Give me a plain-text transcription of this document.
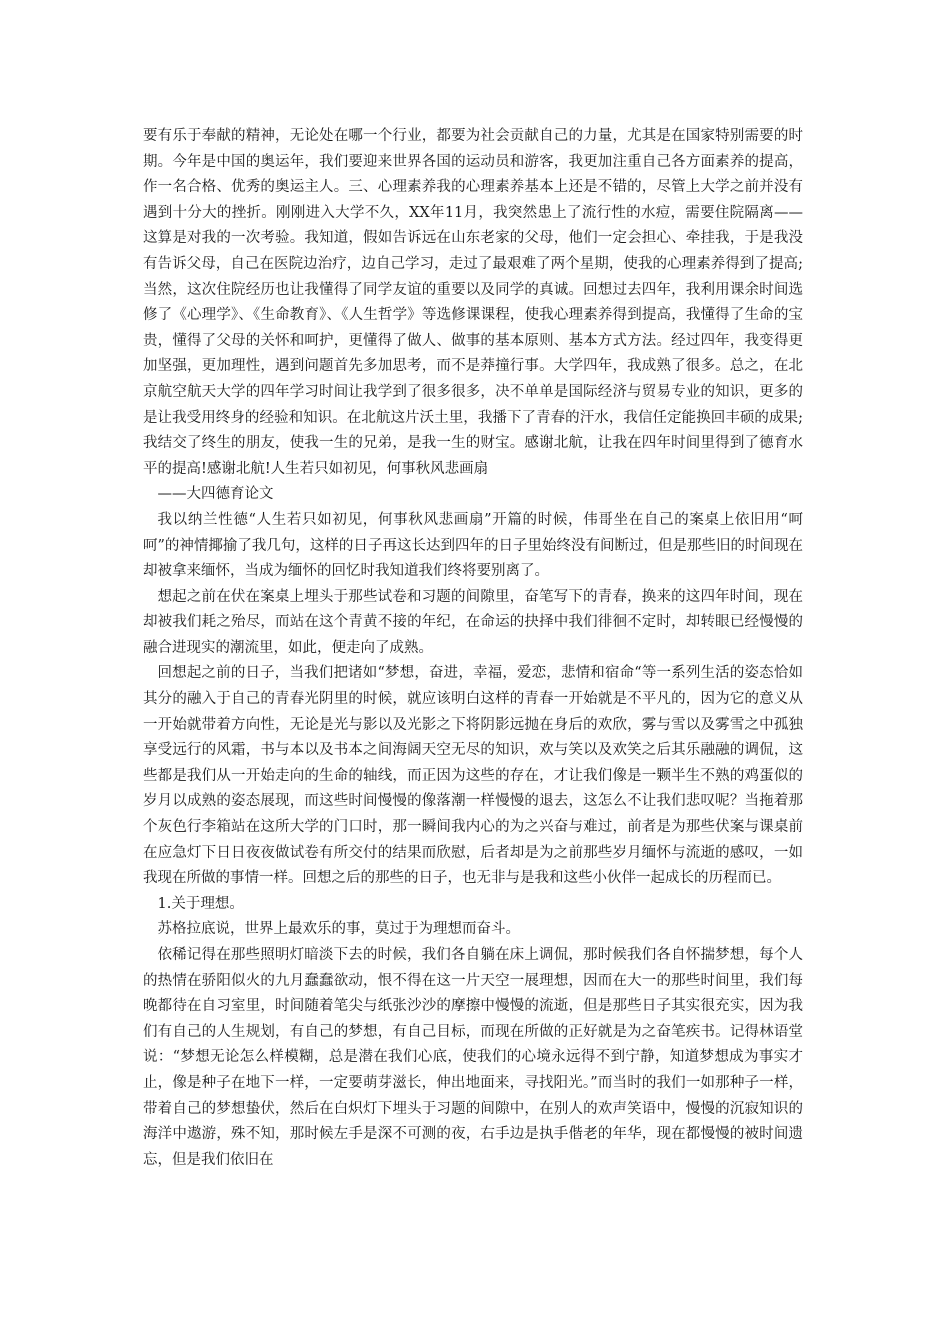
要有乐于奉献的精神，无论处在哪一个行业，都要为社会贡献自己的力量，尤其是在国家特别需要的时期。今年是中国的奥运年，我们要迎来世界各国的运动员和游客，我更加注重自己各方面素养的提高，作一名合格、优秀的奥运主人。三、心理素养我的心理素养基本上还是不错的，尽管上大学之前并没有遇到十分大的挫折。刚刚进入大学不久，XX年11月，我突然患上了流行性的水痘，需要住院隔离——这算是对我的一次考验。我知道，假如告诉远在山东老家的父母，他们一定会担心、牵挂我，于是我没有告诉父母，自己在医院边治疗，边自己学习，走过了最艰难了两个星期，使我的心理素养得到了提高;当然，这次住院经历也让我懂得了同学友谊的重要以及同学的真诚。回想过去四年，我利用课余时间选修了《心理学》、《生命教育》、《人生哲学》等选修课课程，使我心理素养得到提高，我懂得了生命的宝贵，懂得了父母的关怀和呵护，更懂得了做人、做事的基本原则、基本方式方法。经过四年，我变得更加坚强，更加理性，遇到问题首先多加思考，而不是莽撞行事。大学四年，我成熟了很多。总之，在北京航空航天大学的四年学习时间让我学到了很多很多，决不单单是国际经济与贸易专业的知识，更多的是让我受用终身的经验和知识。在北航这片沃土里，我播下了青春的汗水，我信任定能换回丰硕的成果;我结交了终生的朋友，使我一生的兄弟，是我一生的财宝。感谢北航，让我在四年时间里得到了德育水平的提高!感谢北航!人生若只如初见，何事秋风悲画扇

——大四德育论文

我以纳兰性德“人生若只如初见，何事秋风悲画扇”开篇的时候，伟哥坐在自己的案桌上依旧用“呵呵”的神情揶揄了我几句，这样的日子再这长达到四年的日子里始终没有间断过，但是那些旧的时间现在却被拿来缅怀，当成为缅怀的回忆时我知道我们终将要别离了。

想起之前在伏在案桌上埋头于那些试卷和习题的间隙里，奋笔写下的青春，换来的这四年时间，现在却被我们耗之殆尽，而站在这个青黄不接的年纪，在命运的抉择中我们徘徊不定时，却转眼已经慢慢的融合进现实的潮流里，如此，便走向了成熟。

回想起之前的日子，当我们把诸如“梦想，奋进，幸福，爱恋，悲情和宿命“等一系列生活的姿态恰如其分的融入于自己的青春光阴里的时候，就应该明白这样的青春一开始就是不平凡的，因为它的意义从一开始就带着方向性，无论是光与影以及光影之下将阴影远抛在身后的欢欣，雾与雪以及雾雪之中孤独享受远行的风霜，书与本以及书本之间海阔天空无尽的知识，欢与笑以及欢笑之后其乐融融的调侃，这些都是我们从一开始走向的生命的轴线，而正因为这些的存在，才让我们像是一颗半生不熟的鸡蛋似的岁月以成熟的姿态展现，而这些时间慢慢的像落潮一样慢慢的退去，这怎么不让我们悲叹呢？当拖着那个灰色行李箱站在这所大学的门口时，那一瞬间我内心的为之兴奋与难过，前者是为那些伏案与课桌前在应急灯下日日夜夜做试卷有所交付的结果而欣慰，后者却是为之前那些岁月缅怀与流逝的感叹，一如我现在所做的事情一样。回想之后的那些的日子，也无非与是我和这些小伙伴一起成长的历程而已。

1.关于理想。

苏格拉底说，世界上最欢乐的事，莫过于为理想而奋斗。

依稀记得在那些照明灯暗淡下去的时候，我们各自躺在床上调侃，那时候我们各自怀揣梦想，每个人的热情在骄阳似火的九月蠢蠢欲动，恨不得在这一片天空一展理想，因而在大一的那些时间里，我们每晚都待在自习室里，时间随着笔尖与纸张沙沙的摩擦中慢慢的流逝，但是那些日子其实很充实，因为我们有自己的人生规划，有自己的梦想，有自己目标，而现在所做的正好就是为之奋笔疾书。记得林语堂说：“梦想无论怎么样模糊，总是潜在我们心底，使我们的心境永远得不到宁静，知道梦想成为事实才止，像是种子在地下一样，一定要萌芽滋长，伸出地面来，寻找阳光。”而当时的我们一如那种子一样，带着自己的梦想蛰伏，然后在白炽灯下埋头于习题的间隙中，在别人的欢声笑语中，慢慢的沉寂知识的海洋中遨游，殊不知，那时候左手是深不可测的夜，右手边是执手偕老的年华，现在都慢慢的被时间遗忘，但是我们依旧在
